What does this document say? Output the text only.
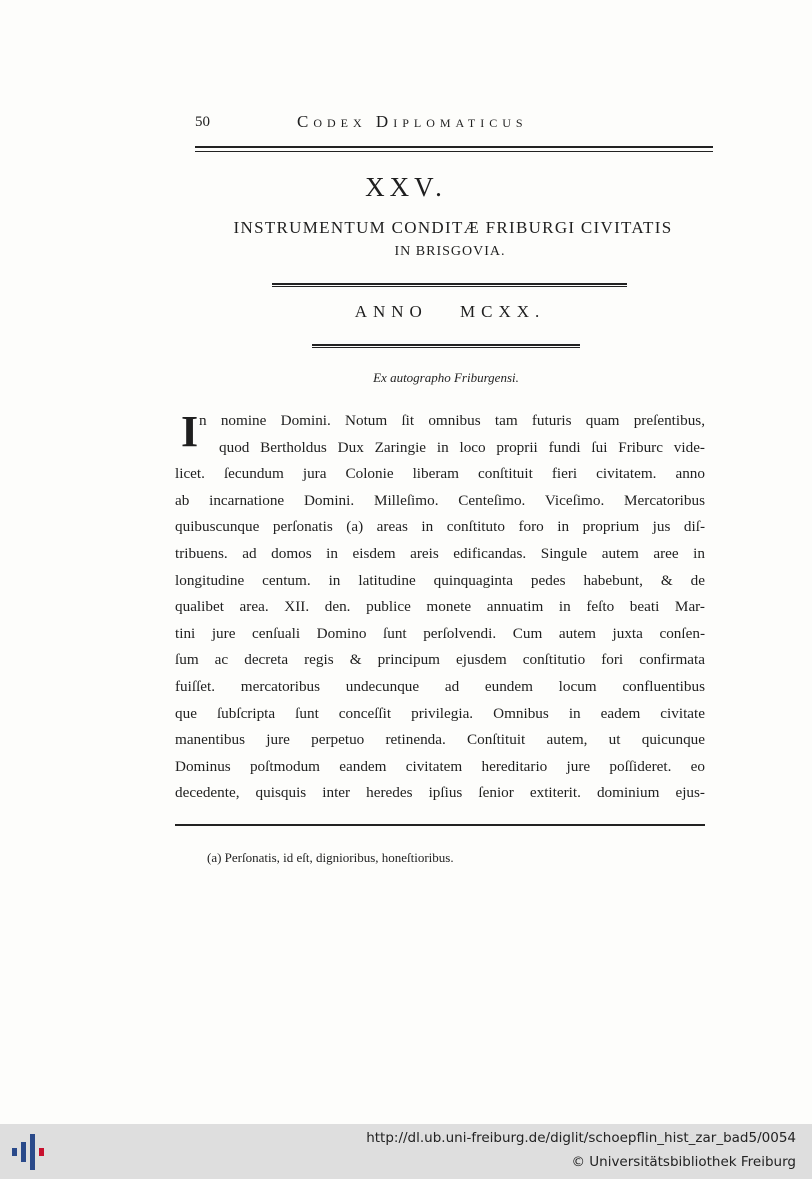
50	Codex Diplomaticus
XXV.
INSTRUMENTUM CONDITÆ FRIBURGI CIVITATIS
IN BRISGOVIA.
ANNO MCXX.
Ex autographo Friburgensi.
I n nomine Domini. Notum ſit omnibus tam futuris quam preſentibus,
quod Bertholdus Dux Zaringie in loco proprii fundi ſui Friburc vide-
licet. ſecundum jura Colonie liberam conſtituit fieri civitatem. anno
ab incarnatione Domini. Milleſimo. Centeſimo. Viceſimo. Mercatoribus
quibuscunque perſonatis (a) areas in conſtituto foro in proprium jus diſ-
tribuens. ad domos in eisdem areis edificandas. Singule autem aree in
longitudine centum. in latitudine quinquaginta pedes habebunt, & de
qualibet area. XII. den. publice monete annuatim in feſto beati Mar-
tini jure cenſuali Domino ſunt perſolvendi. Cum autem juxta conſen-
ſum ac decreta regis & principum ejusdem conſtitutio fori confirmata
fuiſſet. mercatoribus undecunque ad eundem locum confluentibus
que ſubſcripta ſunt conceſſit privilegia. Omnibus in eadem civitate
manentibus jure perpetuo retinenda. Conſtituit autem, ut quicunque
Dominus poſtmodum eandem civitatem hereditario jure poſſideret. eo
decedente, quisquis inter heredes ipſius ſenior extiterit. dominium ejus-
(a) Perſonatis, id eſt, dignioribus, honeſtioribus.
http://dl.ub.uni-freiburg.de/diglit/schoepflin_hist_zar_bad5/0054
© Universitätsbibliothek Freiburg
